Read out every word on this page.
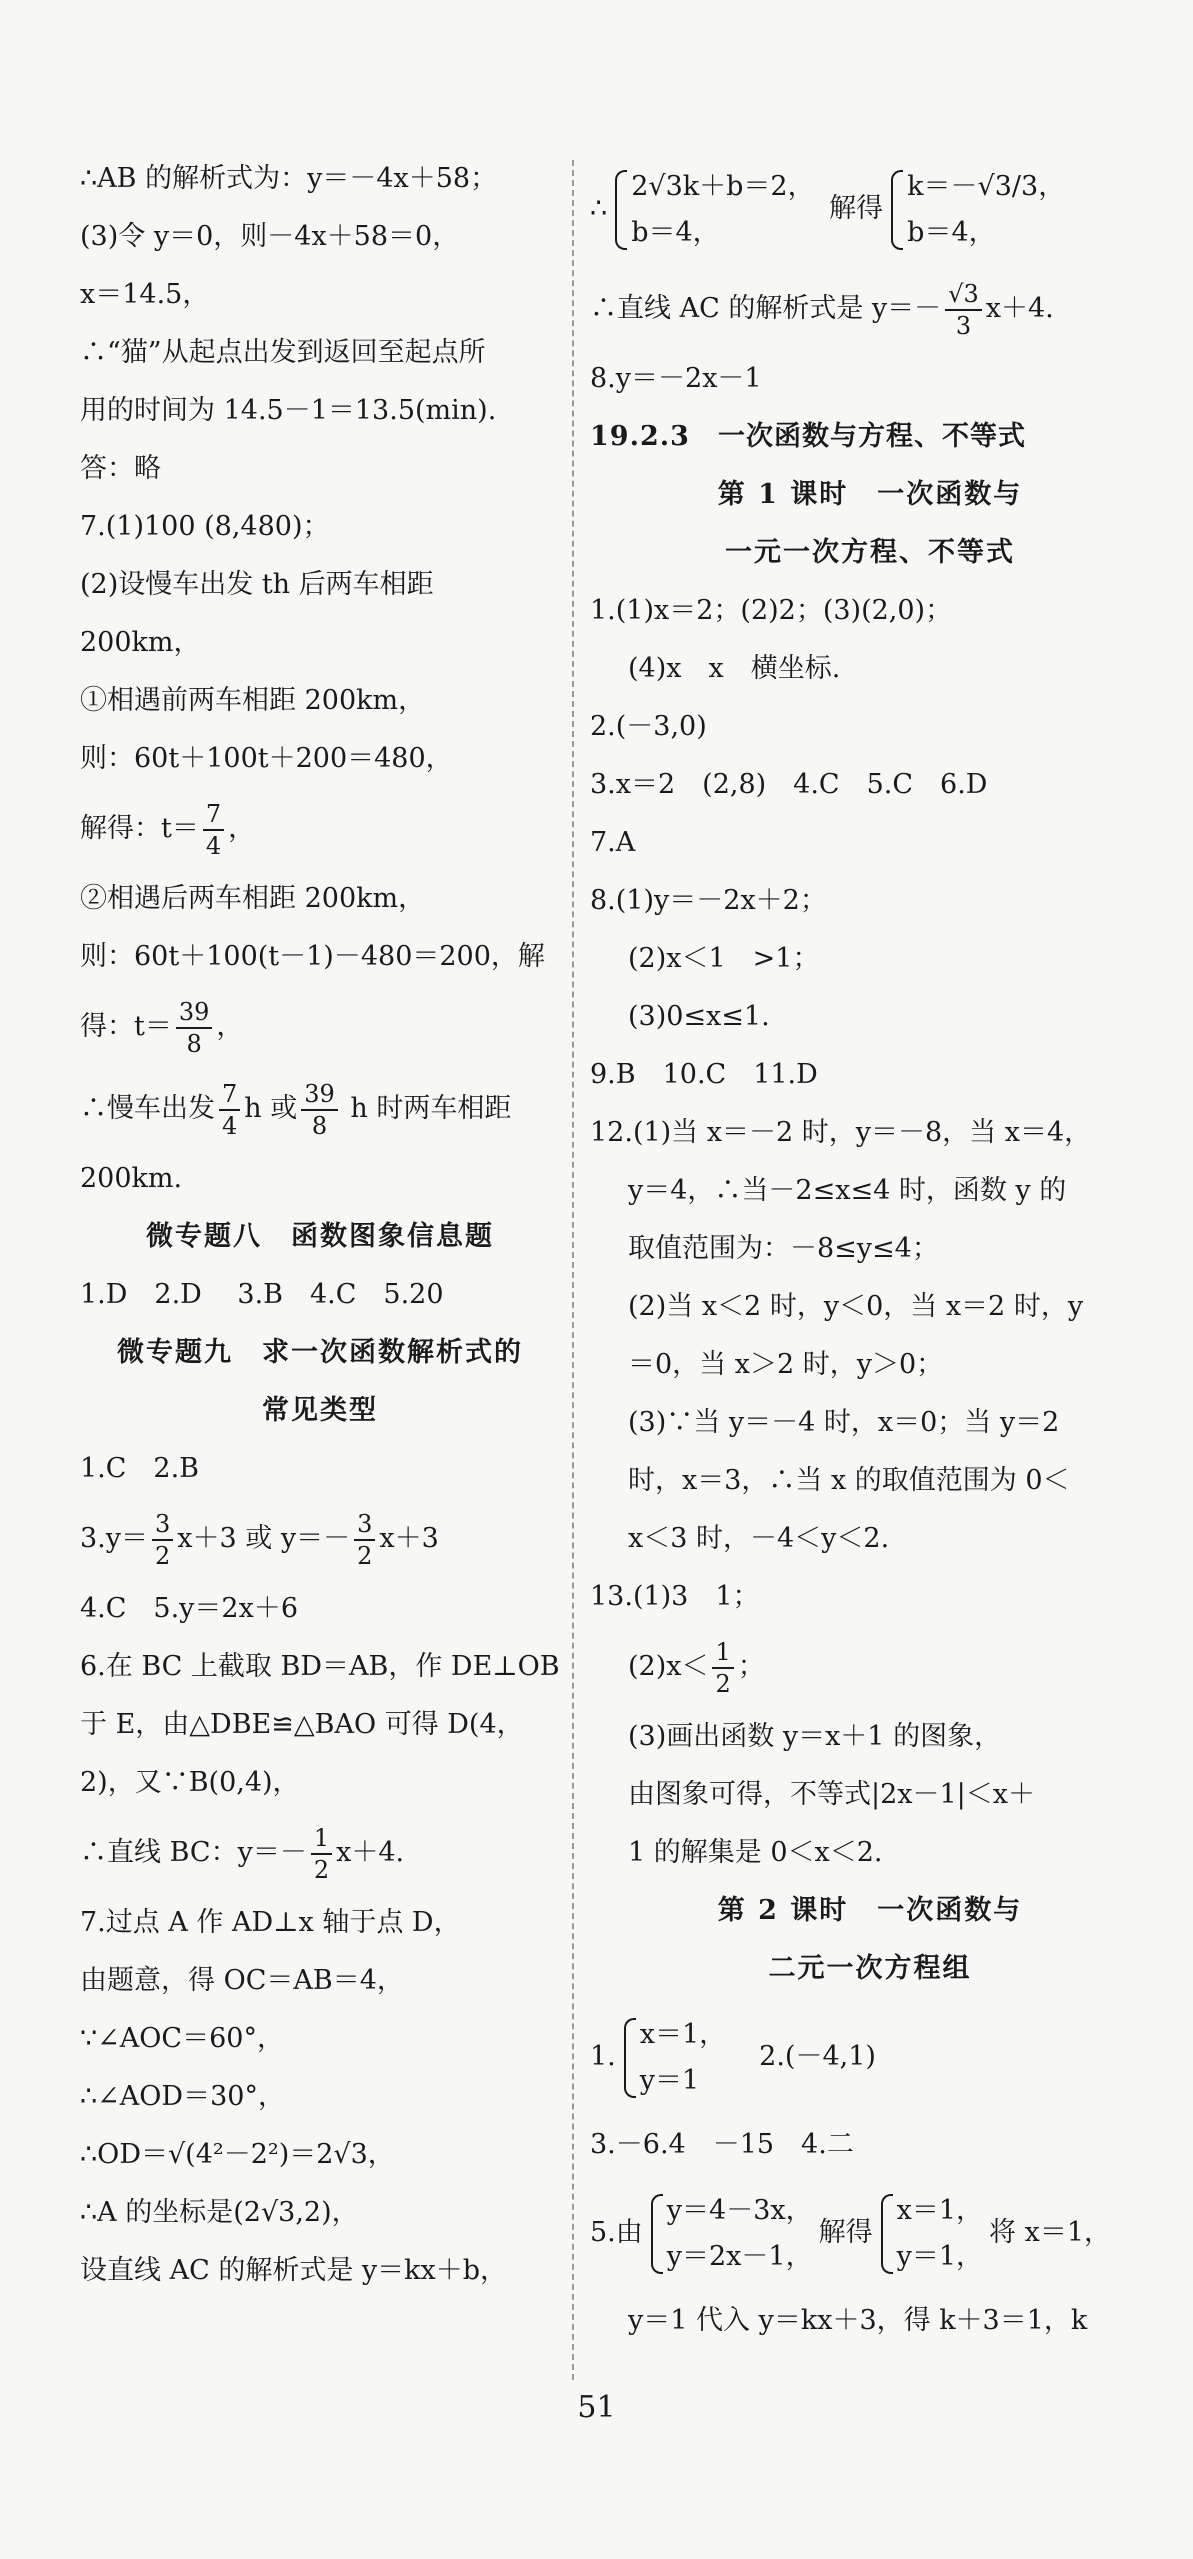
∴AB 的解析式为：y＝－4x＋58；
(3)令 y＝0，则－4x＋58＝0，
x＝14.5，
∴“猫”从起点出发到返回至起点所
用的时间为 14.5－1＝13.5(min).
答：略
7.(1)100 (8,480)；
(2)设慢车出发 th 后两车相距
200km，
①相遇前两车相距 200km，
则：60t＋100t＋200＝480，
解得：$t= \frac{7}{4}$ ，
②相遇后两车相距 200km，
则：60t＋100(t－1)－480＝200，解
得：$t= \frac{39}{8}$ ，
∴慢车出发 $\frac{7}{4}$ h 或 $\frac{39}{8}$ h 时两车相距
200km.
微专题八　函数图象信息题
1.D　2.D　 3.B　4.C　5.20
微专题九　求一次函数解析式的
常见类型
1.C　2.B
$3.y= \frac{3}{2} x+3$ 或 $y=- \frac{3}{2} x+3$
4.C　5.y＝2x＋6
6.在 BC 上截取 BD＝AB，作 DE⊥OB
于 E，由△DBE≌△BAO 可得 D(4，
2)，又∵B(0,4)，
∴直线 BC：$y=- \frac{1}{2} x+4$.
7.过点 A 作 AD⊥x 轴于点 D，
由题意，得 OC＝AB＝4，
∵∠AOC＝60°，
∴∠AOD＝30°，
∴OD＝√(4²－2²)＝2√3，
∴A 的坐标是(2√3,2)，
设直线 AC 的解析式是 y＝kx＋b，
∴
2√3k＋b＝2，
b＝4，
解得
k＝－√3/3，
b＝4，
∴直线 AC 的解析式是 $y=- \frac{√3}{3} x+4$.
8.y＝－2x－1
19.2.3　一次函数与方程、不等式
第 1 课时　一次函数与
一元一次方程、不等式
1.(1)x＝2；(2)2；(3)(2,0)；
(4)x　x　横坐标.
2.(－3,0)
3.x＝2　(2,8)　4.C　5.C　6.D
7.A
8.(1)y＝－2x＋2；
(2)x＜1　>1；
(3)0≤x≤1.
9.B　10.C　11.D
12.(1)当 x＝－2 时，y＝－8，当 x＝4，
y＝4，∴当－2≤x≤4 时，函数 y 的
取值范围为：－8≤y≤4；
(2)当 x＜2 时，y＜0，当 x＝2 时，y
＝0，当 x＞2 时，y＞0；
(3)∵当 y＝－4 时，x＝0；当 y＝2
时，x＝3，∴当 x 的取值范围为 0＜
x＜3 时，－4＜y＜2.
13.(1)3　1；
$(2)x< \frac{1}{2}$ ；
(3)画出函数 y＝x＋1 的图象，
由图象可得，不等式|2x－1|＜x＋
1 的解集是 0＜x＜2.
第 2 课时　一次函数与
二元一次方程组
1.
x＝1，
y＝1
　2.(－4,1)
3.－6.4　－15　4.二
5.由
y＝4－3x，
y＝2x－1，
解得
x＝1，
y＝1，
将 x＝1，
y＝1 代入 y＝kx＋3，得 k＋3＝1，k
51
